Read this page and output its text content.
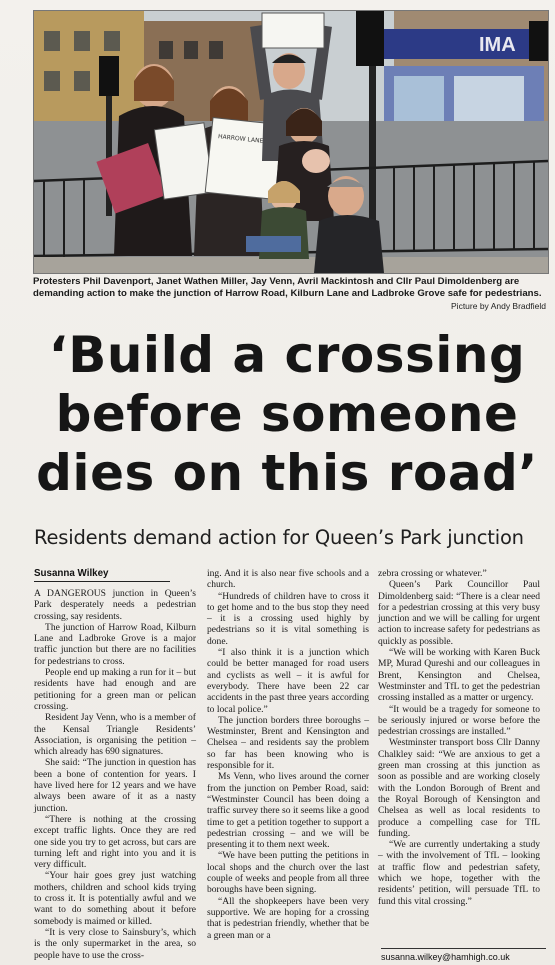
IMA
HARROW LANE,
Protesters Phil Davenport, Janet Wathen Miller, Jay Venn, Avril Mackintosh and Cllr Paul Dimoldenberg are demanding action to make the junction of Harrow Road, Kilburn Lane and Ladbroke Grove safe for pedestrians.
Picture by Andy Bradfield
‘Build a crossing
before someone
dies on this road’
Residents demand action for Queen’s Park junction
Susanna Wilkey

A DANGEROUS junction in Queen’s Park desperately needs a pedestrian crossing, say residents.

The junction of Harrow Road, Kilburn Lane and Ladbroke Grove is a major traffic junction but there are no facilities for pedestrians to cross.

People end up making a run for it – but residents have had enough and are petitioning for a green man or pelican crossing.

Resident Jay Venn, who is a member of the Kensal Triangle Residents’ Association, is organising the petition – which already has 690 signatures.

She said: “The junction in question has been a bone of contention for years. I have lived here for 12 years and we have always been aware of it as a nasty junction.

“There is nothing at the crossing except traffic lights. Once they are red one side you try to get across, but cars are turning left and right into you and it is very difficult.

“Your hair goes grey just watching mothers, children and school kids trying to cross it. It is potentially awful and we want to do something about it before somebody is maimed or killed.

“It is very close to Sainsbury’s, which is the only supermarket in the area, so people have to use the cross-

ing. And it is also near five schools and a church.

“Hundreds of children have to cross it to get home and to the bus stop they need – it is a crossing used highly by pedestrians so it is vital something is done.

“I also think it is a junction which could be better managed for road users and cyclists as well – it is awful for everybody. There have been 22 car accidents in the past three years according to local police.”

The junction borders three boroughs – Westminster, Brent and Kensington and Chelsea – and residents say the problem so far has been knowing who is responsible for it.

Ms Venn, who lives around the corner from the junction on Pember Road, said: “Westminster Council has been doing a traffic survey there so it seems like a good time to get a petition together to support a pedestrian crossing – and we will be presenting it to them next week.

“We have been putting the petitions in local shops and the church over the last couple of weeks and people from all three boroughs have been signing.

“All the shopkeepers have been very supportive. We are hoping for a crossing that is pedestrian friendly, whether that be a green man or a

zebra crossing or whatever.”

Queen’s Park Councillor Paul Dimoldenberg said: “There is a clear need for a pedestrian crossing at this very busy junction and we will be calling for urgent action to increase safety for pedestrians as quickly as possible.

“We will be working with Karen Buck MP, Murad Qureshi and our colleagues in Brent, Kensington and Chelsea, Westminster and TfL to get the pedestrian crossing installed as a matter or urgency.

“It would be a tragedy for someone to be seriously injured or worse before the pedestrian crossings are installed.”

Westminster transport boss Cllr Danny Chalkley said: “We are anxious to get a green man crossing at this junction as soon as possible and are working closely with the London Borough of Brent and the Royal Borough of Kensington and Chelsea as well as local residents to produce a compelling case for TfL funding.

“We are currently undertaking a study – with the involvement of TfL – looking at traffic flow and pedestrian safety, which we hope, together with the residents’ petition, will persuade TfL to fund this vital crossing.”

susanna.wilkey@hamhigh.co.uk
